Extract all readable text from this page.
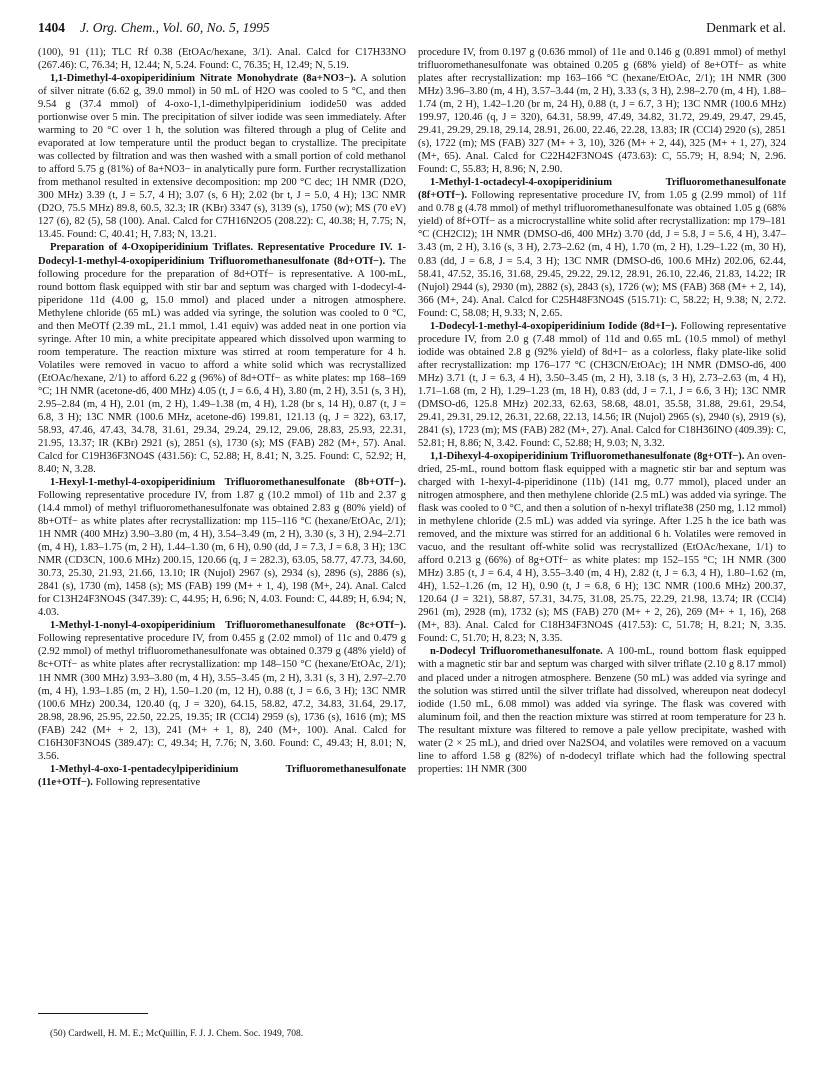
1404 J. Org. Chem., Vol. 60, No. 5, 1995	Denmark et al.

(100), 91 (11); TLC Rf 0.38 (EtOAc/hexane, 3/1). Anal. Calcd for C17H33NO (267.46): C, 76.34; H, 12.44; N, 5.24. Found: C, 76.35; H, 12.49; N, 5.19.

1,1-Dimethyl-4-oxopiperidinium Nitrate Monohydrate (8a+NO3−). A solution of silver nitrate (6.62 g, 39.0 mmol) in 50 mL of H2O was cooled to 5 °C, and then 9.54 g (37.4 mmol) of 4-oxo-1,1-dimethylpiperidinium iodide50 was added portionwise over 5 min. The precipitation of silver iodide was seen immediately. After warming to 20 °C over 1 h, the solution was filtered through a plug of Celite and evaporated at low temperature until the product began to crystallize. The precipitate was collected by filtration and was then washed with a small portion of cold methanol to afford 5.75 g (81%) of 8a+NO3− in analytically pure form. Further recrystallization from methanol resulted in extensive decomposition: mp 200 °C dec; 1H NMR (D2O, 300 MHz) 3.39 (t, J = 5.7, 4 H); 3.07 (s, 6 H); 2.02 (br t, J = 5.0, 4 H); 13C NMR (D2O, 75.5 MHz) 89.8, 60.5, 32.3; IR (KBr) 3347 (s), 3139 (s), 1750 (w); MS (70 eV) 127 (6), 82 (5), 58 (100). Anal. Calcd for C7H16N2O5 (208.22): C, 40.38; H, 7.75; N, 13.45. Found: C, 40.41; H, 7.83; N, 13.21.

Preparation of 4-Oxopiperidinium Triflates. Representative Procedure IV. 1-Dodecyl-1-methyl-4-oxopiperidinium Trifluoromethanesulfonate (8d+OTf−). The following procedure for the preparation of 8d+OTf− is representative. A 100-mL, round bottom flask equipped with stir bar and septum was charged with 1-dodecyl-4-piperidone 11d (4.00 g, 15.0 mmol) and placed under a nitrogen atmosphere. Methylene chloride (65 mL) was added via syringe, the solution was cooled to 0 °C, and then MeOTf (2.39 mL, 21.1 mmol, 1.41 equiv) was added neat in one portion via syringe. After 10 min, a white precipitate appeared which dissolved upon warming to room temperature. The reaction mixture was stirred at room temperature for 4 h. Volatiles were removed in vacuo to afford a white solid which was recrystallized (EtOAc/hexane, 2/1) to afford 6.22 g (96%) of 8d+OTf− as white plates: mp 168–169 °C; 1H NMR (acetone-d6, 400 MHz) 4.05 (t, J = 6.6, 4 H), 3.80 (m, 2 H), 3.51 (s, 3 H), 2.95–2.84 (m, 4 H), 2.01 (m, 2 H), 1.49–1.38 (m, 4 H), 1.28 (br s, 14 H), 0.87 (t, J = 6.8, 3 H); 13C NMR (100.6 MHz, acetone-d6) 199.81, 121.13 (q, J = 322), 63.17, 58.93, 47.46, 47.43, 34.78, 31.61, 29.34, 29.24, 29.12, 29.06, 28.83, 25.93, 22.31, 21.95, 13.37; IR (KBr) 2921 (s), 2851 (s), 1730 (s); MS (FAB) 282 (M+, 57). Anal. Calcd for C19H36F3NO4S (431.56): C, 52.88; H, 8.41; N, 3.25. Found: C, 52.92; H, 8.40; N, 3.28.

1-Hexyl-1-methyl-4-oxopiperidinium Trifluoromethanesulfonate (8b+OTf−). Following representative procedure IV, from 1.87 g (10.2 mmol) of 11b and 2.37 g (14.4 mmol) of methyl trifluoromethanesulfonate was obtained 2.83 g (80% yield) of 8b+OTf− as white plates after recrystallization: mp 115–116 °C (hexane/EtOAc, 2/1); 1H NMR (400 MHz) 3.90–3.80 (m, 4 H), 3.54–3.49 (m, 2 H), 3.30 (s, 3 H), 2.94–2.71 (m, 4 H), 1.83–1.75 (m, 2 H), 1.44–1.30 (m, 6 H), 0.90 (dd, J = 7.3, J = 6.8, 3 H); 13C NMR (CD3CN, 100.6 MHz) 200.15, 120.66 (q, J = 282.3), 63.05, 58.77, 47.73, 34.60, 30.73, 25.30, 21.93, 21.66, 13.10; IR (Nujol) 2967 (s), 2934 (s), 2896 (s), 2886 (s), 2841 (s), 1730 (m), 1458 (s); MS (FAB) 199 (M+ + 1, 4), 198 (M+, 24). Anal. Calcd for C13H24F3NO4S (347.39): C, 44.95; H, 6.96; N, 4.03. Found: C, 44.89; H, 6.94; N, 4.03.

1-Methyl-1-nonyl-4-oxopiperidinium Trifluoromethanesulfonate (8c+OTf−). Following representative procedure IV, from 0.455 g (2.02 mmol) of 11c and 0.479 g (2.92 mmol) of methyl trifluoromethanesulfonate was obtained 0.379 g (48% yield) of 8c+OTf− as white plates after recrystallization: mp 148–150 °C (hexane/EtOAc, 2/1); 1H NMR (300 MHz) 3.93–3.80 (m, 4 H), 3.55–3.45 (m, 2 H), 3.31 (s, 3 H), 2.97–2.70 (m, 4 H), 1.93–1.85 (m, 2 H), 1.50–1.20 (m, 12 H), 0.88 (t, J = 6.6, 3 H); 13C NMR (100.6 MHz) 200.34, 120.40 (q, J = 320), 64.15, 58.82, 47.2, 34.83, 31.64, 29.17, 28.98, 28.96, 25.95, 22.50, 22.25, 19.35; IR (CCl4) 2959 (s), 1736 (s), 1616 (m); MS (FAB) 242 (M+ + 2, 13), 241 (M+ + 1, 8), 240 (M+, 100). Anal. Calcd for C16H30F3NO4S (389.47): C, 49.34; H, 7.76; N, 3.60. Found: C, 49.43; H, 8.01; N, 3.56.

1-Methyl-4-oxo-1-pentadecylpiperidinium Trifluoromethanesulfonate (11e+OTf−). Following representative

procedure IV, from 0.197 g (0.636 mmol) of 11e and 0.146 g (0.891 mmol) of methyl trifluoromethanesulfonate was obtained 0.205 g (68% yield) of 8e+OTf− as white plates after recrystallization: mp 163–166 °C (hexane/EtOAc, 2/1); 1H NMR (300 MHz) 3.96–3.80 (m, 4 H), 3.57–3.44 (m, 2 H), 3.33 (s, 3 H), 2.98–2.70 (m, 4 H), 1.88–1.74 (m, 2 H), 1.42–1.20 (br m, 24 H), 0.88 (t, J = 6.7, 3 H); 13C NMR (100.6 MHz) 199.97, 120.46 (q, J = 320), 64.31, 58.99, 47.49, 34.82, 31.72, 29.49, 29.47, 29.45, 29.41, 29.29, 29.18, 29.14, 28.91, 26.00, 22.46, 22.28, 13.83; IR (CCl4) 2920 (s), 2851 (s), 1722 (m); MS (FAB) 327 (M+ + 3, 10), 326 (M+ + 2, 44), 325 (M+ + 1, 27), 324 (M+, 65). Anal. Calcd for C22H42F3NO4S (473.63): C, 55.79; H, 8.94; N, 2.96. Found: C, 55.83; H, 8.96; N, 2.90.

1-Methyl-1-octadecyl-4-oxopiperidinium Trifluoromethanesulfonate (8f+OTf−). Following representative procedure IV, from 1.05 g (2.99 mmol) of 11f and 0.78 g (4.78 mmol) of methyl trifluoromethanesulfonate was obtained 1.05 g (68% yield) of 8f+OTf− as a microcrystalline white solid after recrystallization: mp 179–181 °C (CH2Cl2); 1H NMR (DMSO-d6, 400 MHz) 3.70 (dd, J = 5.8, J = 5.6, 4 H), 3.47–3.43 (m, 2 H), 3.16 (s, 3 H), 2.73–2.62 (m, 4 H), 1.70 (m, 2 H), 1.29–1.22 (m, 30 H), 0.83 (dd, J = 6.8, J = 5.4, 3 H); 13C NMR (DMSO-d6, 100.6 MHz) 202.06, 62.44, 58.41, 47.52, 35.16, 31.68, 29.45, 29.22, 29.12, 28.91, 26.10, 22.46, 21.83, 14.22; IR (Nujol) 2944 (s), 2930 (m), 2882 (s), 2843 (s), 1726 (w); MS (FAB) 368 (M+ + 2, 14), 366 (M+, 24). Anal. Calcd for C25H48F3NO4S (515.71): C, 58.22; H, 9.38; N, 2.72. Found: C, 58.08; H, 9.33; N, 2.65.

1-Dodecyl-1-methyl-4-oxopiperidinium Iodide (8d+I−). Following representative procedure IV, from 2.0 g (7.48 mmol) of 11d and 0.65 mL (10.5 mmol) of methyl iodide was obtained 2.8 g (92% yield) of 8d+I− as a colorless, flaky plate-like solid after recrystallization: mp 176–177 °C (CH3CN/EtOAc); 1H NMR (DMSO-d6, 400 MHz) 3.71 (t, J = 6.3, 4 H), 3.50–3.45 (m, 2 H), 3.18 (s, 3 H), 2.73–2.63 (m, 4 H), 1.71–1.68 (m, 2 H), 1.29–1.23 (m, 18 H), 0.83 (dd, J = 7.1, J = 6.6, 3 H); 13C NMR (DMSO-d6, 125.8 MHz) 202.33, 62.63, 58.68, 48.01, 35.58, 31.88, 29.61, 29.54, 29.41, 29.31, 29.12, 26.31, 22.68, 22.13, 14.56; IR (Nujol) 2965 (s), 2940 (s), 2919 (s), 2841 (s), 1723 (m); MS (FAB) 282 (M+, 27). Anal. Calcd for C18H36INO (409.39): C, 52.81; H, 8.86; N, 3.42. Found: C, 52.88; H, 9.03; N, 3.32.

1,1-Dihexyl-4-oxopiperidinium Trifluoromethanesulfonate (8g+OTf−). An oven-dried, 25-mL, round bottom flask equipped with a magnetic stir bar and septum was charged with 1-hexyl-4-piperidinone (11b) (141 mg, 0.77 mmol), placed under an nitrogen atmosphere, and then methylene chloride (2.5 mL) was added via syringe. The flask was cooled to 0 °C, and then a solution of n-hexyl triflate38 (250 mg, 1.12 mmol) in methylene chloride (2.5 mL) was added via syringe. After 1.25 h the ice bath was removed, and the mixture was stirred for an additional 6 h. Volatiles were removed in vacuo, and the resultant off-white solid was recrystallized (EtOAc/hexane, 1/1) to afford 0.213 g (66%) of 8g+OTf− as white plates: mp 152–155 °C; 1H NMR (300 MHz) 3.85 (t, J = 6.4, 4 H), 3.55–3.40 (m, 4 H), 2.82 (t, J = 6.3, 4 H), 1.80–1.62 (m, 4H), 1.52–1.26 (m, 12 H), 0.90 (t, J = 6.8, 6 H); 13C NMR (100.6 MHz) 200.37, 120.64 (J = 321), 58.87, 57.31, 34.75, 31.08, 25.75, 22.29, 21.98, 13.74; IR (CCl4) 2961 (m), 2928 (m), 1732 (s); MS (FAB) 270 (M+ + 2, 26), 269 (M+ + 1, 16), 268 (M+, 83). Anal. Calcd for C18H34F3NO4S (417.53): C, 51.78; H, 8.21; N, 3.35. Found: C, 51.70; H, 8.23; N, 3.35.

n-Dodecyl Trifluoromethanesulfonate. A 100-mL, round bottom flask equipped with a magnetic stir bar and septum was charged with silver triflate (2.10 g 8.17 mmol) and placed under a nitrogen atmosphere. Benzene (50 mL) was added via syringe and the solution was stirred until the silver triflate had dissolved, whereupon neat dodecyl iodide (1.50 mL, 6.08 mmol) was added via syringe. The flask was covered with aluminum foil, and then the reaction mixture was stirred at room temperature for 23 h. The resultant mixture was filtered to remove a pale yellow precipitate, washed with water (2 × 25 mL), and dried over Na2SO4, and volatiles were removed on a vacuum line to afford 1.58 g (82%) of n-dodecyl triflate which had the following spectral properties: 1H NMR (300

(50) Cardwell, H. M. E.; McQuillin, F. J. J. Chem. Soc. 1949, 708.
